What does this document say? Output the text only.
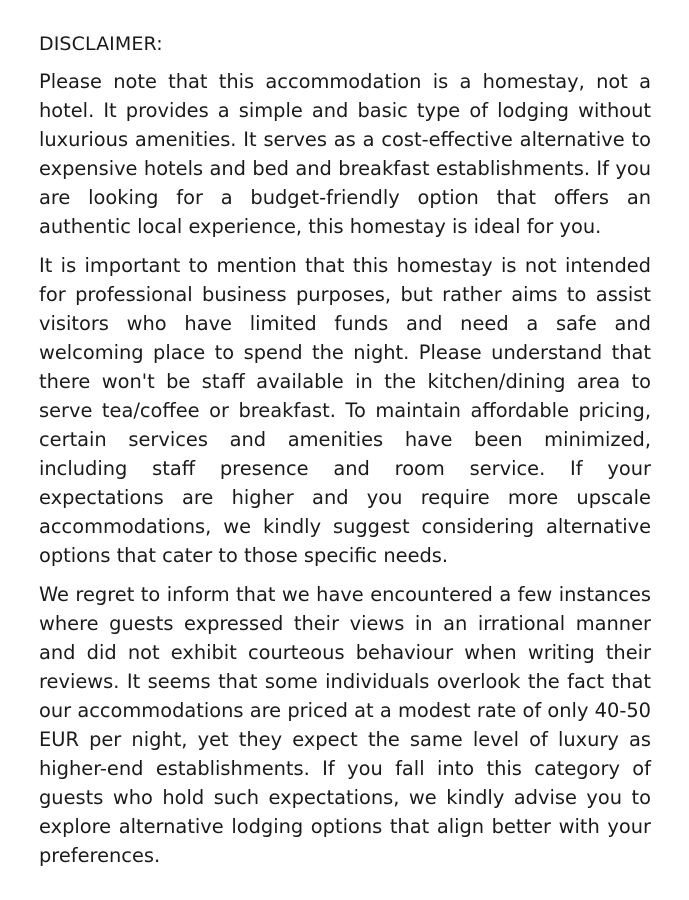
DISCLAIMER:

Please note that this accommodation is a homestay, not a hotel. It provides a simple and basic type of lodging without luxurious amenities. It serves as a cost-effective alternative to expensive hotels and bed and breakfast establishments. If you are looking for a budget-friendly option that offers an authentic local experience, this homestay is ideal for you.

It is important to mention that this homestay is not intended for professional business purposes, but rather aims to assist visitors who have limited funds and need a safe and welcoming place to spend the night. Please understand that there won't be staff available in the kitchen/dining area to serve tea/coffee or breakfast. To maintain affordable pricing, certain services and amenities have been minimized, including staff presence and room service. If your expectations are higher and you require more upscale accommodations, we kindly suggest considering alternative options that cater to those specific needs.

We regret to inform that we have encountered a few instances where guests expressed their views in an irrational manner and did not exhibit courteous behaviour when writing their reviews. It seems that some individuals overlook the fact that our accommodations are priced at a modest rate of only 40-50 EUR per night, yet they expect the same level of luxury as higher-end establishments. If you fall into this category of guests who hold such expectations, we kindly advise you to explore alternative lodging options that align better with your preferences.
